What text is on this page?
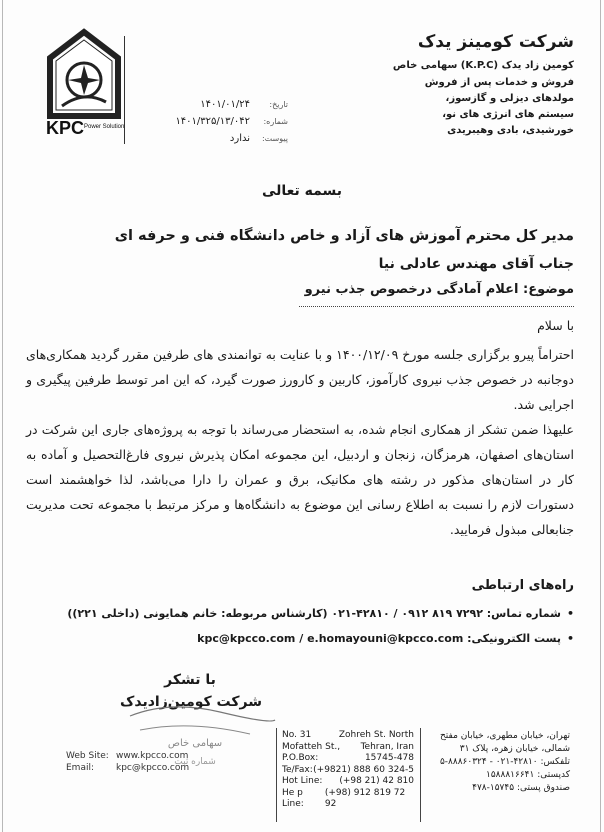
KPC Power Solution
تاریخ:
۱۴۰۱/۰۱/۲۴
شماره:
۱۴۰۱/۳۲۵/۱۳/۰۴۲
پیوست:
ندارد
شرکت کومینز یدک
کومین زاد یدک (K.P.C) سهامی خاص
فروش و خدمات پس از فروش
مولدهای دیزلی و گازسوز،
سیستم های انرژی های نو،
خورشیدی، بادی وهیبریدی
بسمه تعالی
مدیر کل محترم آموزش های آزاد و خاص دانشگاه فنی و حرفه ای
جناب آقای مهندس عادلی نیا
موضوع: اعلام آمادگی درخصوص جذب نیرو
با سلام
احتراماً پیرو برگزاری جلسه مورخ ۱۴۰۰/۱۲/۰۹ و با عنایت به توانمندی های طرفین مقرر گردید همکاری‌های دوجانبه در خصوص جذب نیروی کارآموز، کاربین و کارورز صورت گیرد، که این امر توسط طرفین پیگیری و اجرایی شد.
علیهذا ضمن تشکر از همکاری انجام شده، به استحضار می‌رساند با توجه به پروژه‌های جاری این شرکت در استان‌های اصفهان، هرمزگان، زنجان و اردبیل، این مجموعه امکان پذیرش نیروی فارغ‌التحصیل و آماده به کار در استان‌های مذکور در رشته های مکانیک، برق و عمران را دارا می‌باشد، لذا خواهشمند است دستورات لازم را نسبت به اطلاع رسانی این موضوع به دانشگاه‌ها و مرکز مرتبط با مجموعه تحت مدیریت جنابعالی مبذول فرمایید.
راه‌های ارتباطی
•شماره تماس: ۷۲۹۲ ۸۱۹ ۰۹۱۲ / ۴۲۸۱۰-۰۲۱ (کارشناس مربوطه: خانم همایونی (داخلی ۲۲۱))
•پست الکترونیکی: kpc@kpcco.com / e.homayouni@kpcco.com
با تشکر
شرکت کومین‌زادیدک
سهامی خاص
شماره ثبت
Web Site: www.kpcco.com
Email:	kpc@kpcco.com
No. 31	Zohreh St. North
Mofatteh St., Tehran, Iran
P.O.Box:	15745-478
Te/Fax: (+9821) 888 60 324-5
Hot Line: (+98 21) 42 810
He p Line:
(+98) 912 819 72 92
تهران، خیابان مطهری، خیابان مفتح شمالی، خیابان زهره، پلاک ۳۱
تلفکس: ۴۲۸۱۰-۰۲۱ - ۸۸۸۶۰۳۲۴-۵
کدپستی: ۱۵۸۸۸۱۶۶۴۱
صندوق پستی: ۱۵۷۴۵-۴۷۸
